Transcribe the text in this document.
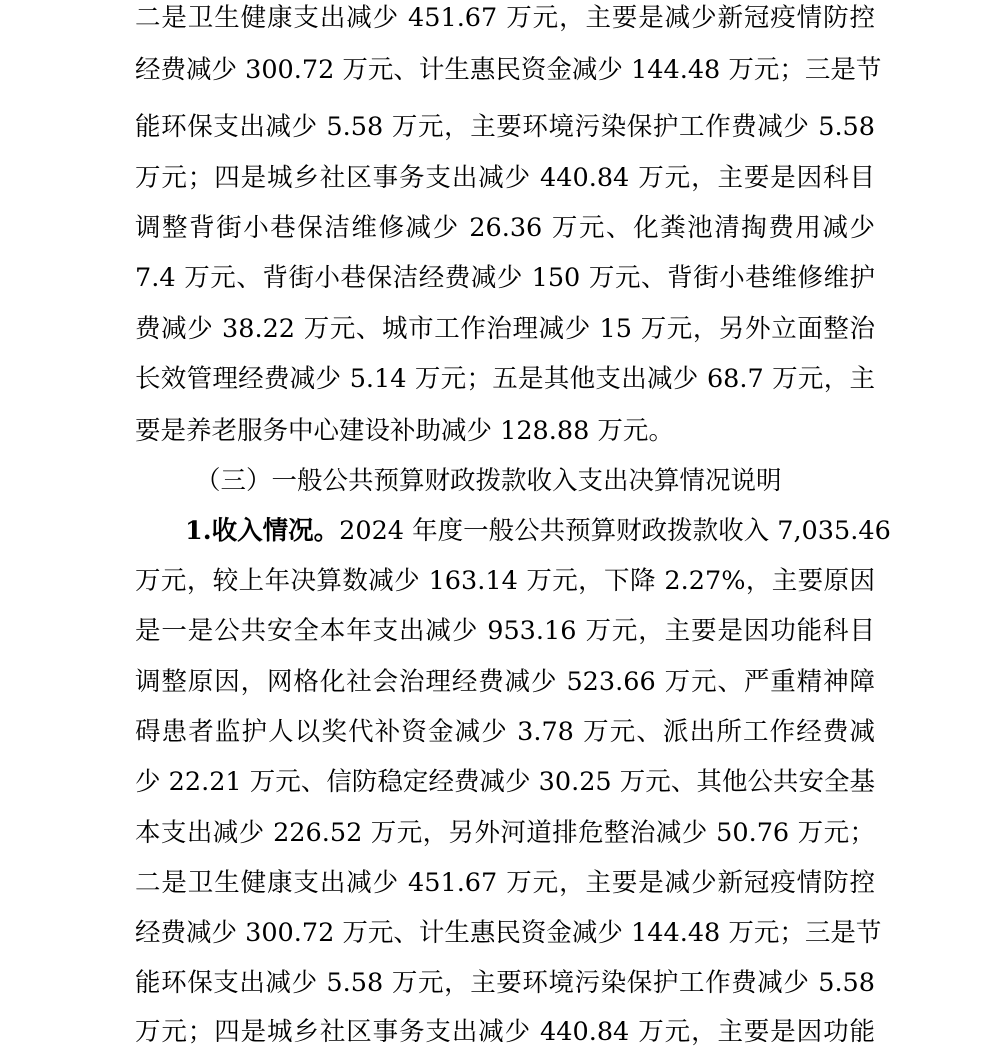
二是卫生健康支出减少 451.67 万元，主要是减少新冠疫情防控
经费减少 300.72 万元、计生惠民资金减少 144.48 万元；三是节
能环保支出减少 5.58 万元，主要环境污染保护工作费减少 5.58
万元；四是城乡社区事务支出减少 440.84 万元，主要是因科目
调整背街小巷保洁维修减少 26.36 万元、化粪池清掏费用减少
7.4 万元、背街小巷保洁经费减少 150 万元、背街小巷维修维护
费减少 38.22 万元、城市工作治理减少 15 万元，另外立面整治
长效管理经费减少 5.14 万元；五是其他支出减少 68.7 万元，主
要是养老服务中心建设补助减少 128.88 万元。
（三）一般公共预算财政拨款收入支出决算情况说明
1.收入情况。2024 年度一般公共预算财政拨款收入 7,035.46
万元，较上年决算数减少 163.14 万元，下降 2.27%，主要原因
是一是公共安全本年支出减少 953.16 万元，主要是因功能科目
调整原因，网格化社会治理经费减少 523.66 万元、严重精神障
碍患者监护人以奖代补资金减少 3.78 万元、派出所工作经费减
少 22.21 万元、信防稳定经费减少 30.25 万元、其他公共安全基
本支出减少 226.52 万元，另外河道排危整治减少 50.76 万元；
二是卫生健康支出减少 451.67 万元，主要是减少新冠疫情防控
经费减少 300.72 万元、计生惠民资金减少 144.48 万元；三是节
能环保支出减少 5.58 万元，主要环境污染保护工作费减少 5.58
万元；四是城乡社区事务支出减少 440.84 万元，主要是因功能
